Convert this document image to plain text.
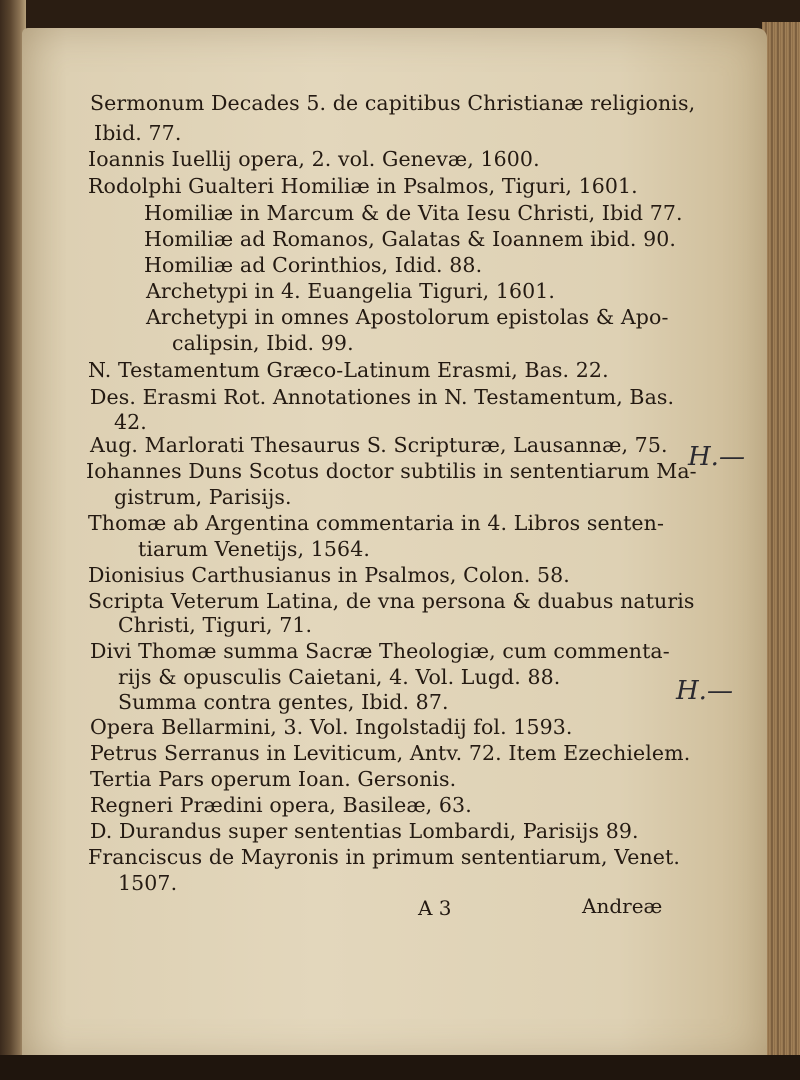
Sermonum Decades 5. de capitibus Christianæ religionis,
Ibid. 77.
Ioannis Iuellij opera, 2. vol. Genevæ, 1600.
Rodolphi Gualteri Homiliæ in Psalmos, Tiguri, 1601.
Homiliæ in Marcum & de Vita Iesu Christi, Ibid 77.
Homiliæ ad Romanos, Galatas & Ioannem ibid. 90.
Homiliæ ad Corinthios, Idid. 88.
Archetypi in 4. Euangelia Tiguri, 1601.
Archetypi in omnes Apostolorum epistolas & Apo-
calipsin, Ibid. 99.
N. Testamentum Græco-Latinum Erasmi, Bas. 22.
Des. Erasmi Rot. Annotationes in N. Testamentum, Bas.
42.
Aug. Marlorati Thesaurus S. Scripturæ, Lausannæ, 75.
Iohannes Duns Scotus doctor subtilis in sententiarum Ma-
gistrum, Parisijs.
Thomæ ab Argentina commentaria in 4. Libros senten-
tiarum Venetijs, 1564.
Dionisius Carthusianus in Psalmos, Colon. 58.
Scripta Veterum Latina, de vna persona & duabus naturis
Christi, Tiguri, 71.
Divi Thomæ summa Sacræ Theologiæ, cum commenta-
rijs & opusculis Caietani, 4. Vol. Lugd. 88.
Summa contra gentes, Ibid. 87.
Opera Bellarmini, 3. Vol. Ingolstadij fol. 1593.
Petrus Serranus in Leviticum, Antv. 72. Item Ezechielem.
Tertia Pars operum Ioan. Gersonis.
Regneri Prædini opera, Basileæ, 63.
D. Durandus super sententias Lombardi, Parisijs 89.
Franciscus de Mayronis in primum sententiarum, Venet.
1507.
A 3	Andreæ
H.—
H.—
